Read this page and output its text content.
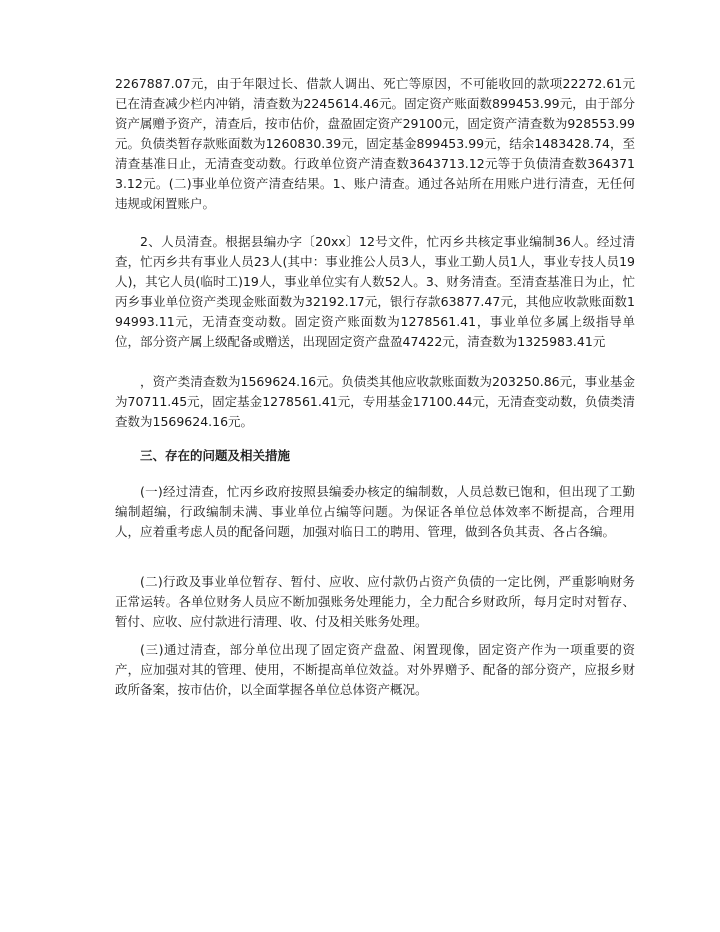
2267887.07元，由于年限过长、借款人调出、死亡等原因，不可能收回的款项22272.61元已在清查减少栏内冲销，清查数为2245614.46元。固定资产账面数899453.99元，由于部分资产属赠予资产，清查后，按市估价，盘盈固定资产29100元，固定资产清查数为928553.99元。负债类暂存款账面数为1260830.39元，固定基金899453.99元，结余1483428.74，至清查基准日止，无清查变动数。行政单位资产清查数3643713.12元等于负债清查数3643713.12元。(二)事业单位资产清查结果。1、账户清查。通过各站所在用账户进行清查，无任何违规或闲置账户。

2、人员清查。根据县编办字〔20xx〕12号文件，忙丙乡共核定事业编制36人。经过清查，忙丙乡共有事业人员23人(其中：事业推公人员3人，事业工勤人员1人，事业专技人员19人)，其它人员(临时工)19人，事业单位实有人数52人。3、财务清查。至清查基准日为止，忙丙乡事业单位资产类现金账面数为32192.17元，银行存款63877.47元，其他应收款账面数194993.11元，无清查变动数。固定资产账面数为1278561.41，事业单位多属上级指导单位，部分资产属上级配备或赠送，出现固定资产盘盈47422元，清查数为1325983.41元

，资产类清查数为1569624.16元。负债类其他应收款账面数为203250.86元，事业基金为70711.45元，固定基金1278561.41元，专用基金17100.44元，无清查变动数，负债类清查数为1569624.16元。

三、存在的问题及相关措施

(一)经过清查，忙丙乡政府按照县编委办核定的编制数，人员总数已饱和，但出现了工勤编制超编，行政编制未满、事业单位占编等问题。为保证各单位总体效率不断提高，合理用人，应着重考虑人员的配备问题，加强对临日工的聘用、管理，做到各负其责、各占各编。

(二)行政及事业单位暂存、暂付、应收、应付款仍占资产负债的一定比例，严重影响财务正常运转。各单位财务人员应不断加强账务处理能力，全力配合乡财政所，每月定时对暂存、暂付、应收、应付款进行清理、收、付及相关账务处理。

(三)通过清查，部分单位出现了固定资产盘盈、闲置现像，固定资产作为一项重要的资产，应加强对其的管理、使用，不断提高单位效益。对外界赠予、配备的部分资产，应报乡财政所备案，按市估价，以全面掌握各单位总体资产概况。
